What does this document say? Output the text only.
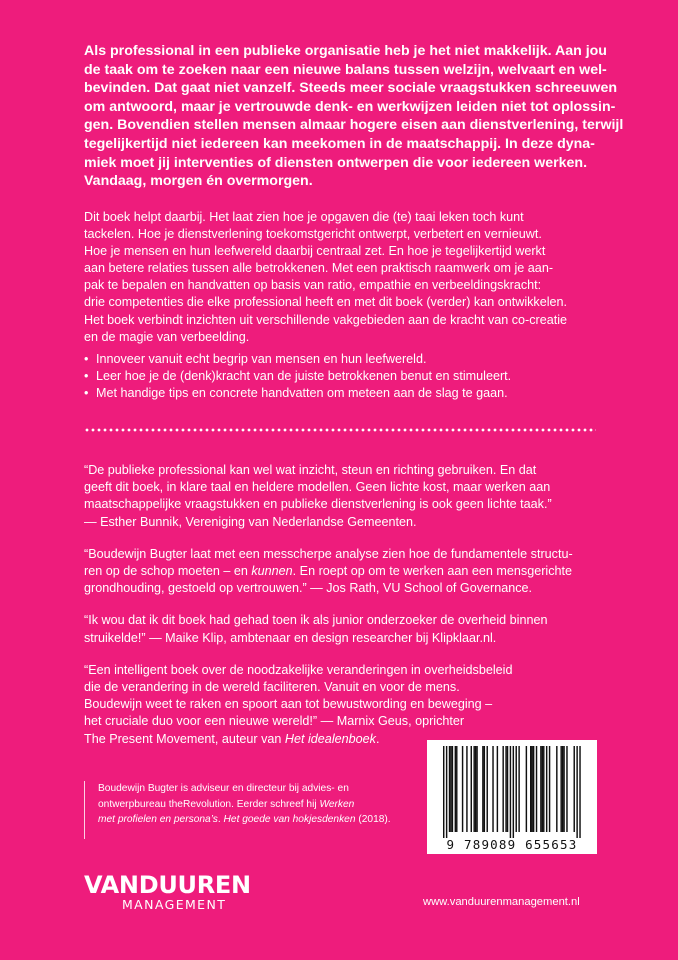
Als professional in een publieke organisatie heb je het niet makkelijk. Aan jou
de taak om te zoeken naar een nieuwe balans tussen welzijn, welvaart en wel-
bevinden. Dat gaat niet vanzelf. Steeds meer sociale vraagstukken schreeuwen
om antwoord, maar je vertrouwde denk- en werkwijzen leiden niet tot oplossin-
gen. Bovendien stellen mensen almaar hogere eisen aan dienstverlening, terwijl
tegelijkertijd niet iedereen kan meekomen in de maatschappij. In deze dyna-
miek moet jij interventies of diensten ontwerpen die voor iedereen werken.
Vandaag, morgen én overmorgen.
Dit boek helpt daarbij. Het laat zien hoe je opgaven die (te) taai leken toch kunt
tackelen. Hoe je dienstverlening toekomstgericht ontwerpt, verbetert en vernieuwt.
Hoe je mensen en hun leefwereld daarbij centraal zet. En hoe je tegelijkertijd werkt
aan betere relaties tussen alle betrokkenen. Met een praktisch raamwerk om je aan-
pak te bepalen en handvatten op basis van ratio, empathie en verbeeldingskracht:
drie competenties die elke professional heeft en met dit boek (verder) kan ontwikkelen.
Het boek verbindt inzichten uit verschillende vakgebieden aan de kracht van co-creatie
en de magie van verbeelding.
• Innoveer vanuit echt begrip van mensen en hun leefwereld.
• Leer hoe je de (denk)kracht van de juiste betrokkenen benut en stimuleert.
• Met handige tips en concrete handvatten om meteen aan de slag te gaan.
“De publieke professional kan wel wat inzicht, steun en richting gebruiken. En dat
geeft dit boek, in klare taal en heldere modellen. Geen lichte kost, maar werken aan
maatschappelijke vraagstukken en publieke dienstverlening is ook geen lichte taak.”
— Esther Bunnik, Vereniging van Nederlandse Gemeenten.
“Boudewijn Bugter laat met een messcherpe analyse zien hoe de fundamentele structu-
ren op de schop moeten – en kunnen. En roept op om te werken aan een mensgerichte
grondhouding, gestoeld op vertrouwen.” — Jos Rath, VU School of Governance.
“Ik wou dat ik dit boek had gehad toen ik als junior onderzoeker de overheid binnen
struikelde!” — Maike Klip, ambtenaar en design researcher bij Klipklaar.nl.
“Een intelligent boek over de noodzakelijke veranderingen in overheidsbeleid
die de verandering in de wereld faciliteren. Vanuit en voor de mens.
Boudewijn weet te raken en spoort aan tot bewustwording en beweging –
het cruciale duo voor een nieuwe wereld!” — Marnix Geus, oprichter
The Present Movement, auteur van Het idealenboek.
Boudewijn Bugter is adviseur en directeur bij advies- en
ontwerpbureau theRevolution. Eerder schreef hij Werken
met profielen en persona’s. Het goede van hokjesdenken (2018).
9 789089 655653
VANDUUREN
MANAGEMENT	www.vanduurenmanagement.nl
